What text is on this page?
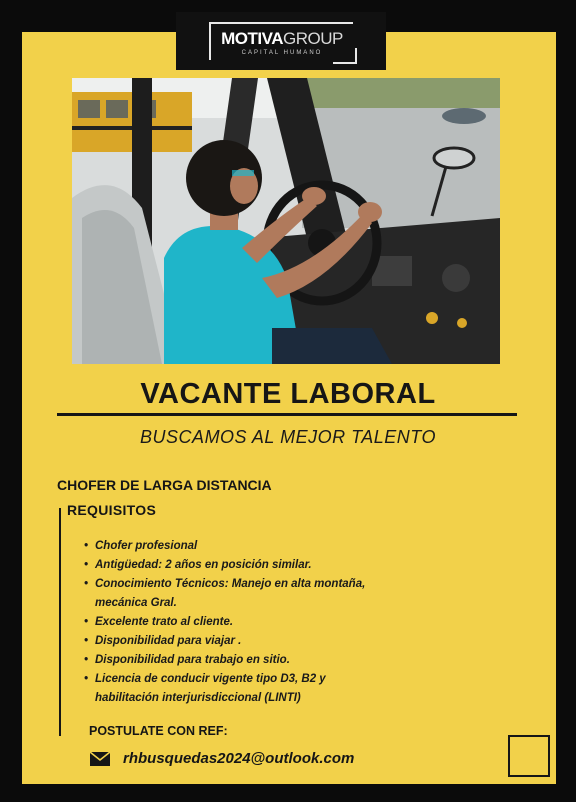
MOTIVAGROUP
CAPITAL HUMANO
VACANTE LABORAL
BUSCAMOS AL MEJOR TALENTO
CHOFER DE LARGA DISTANCIA
REQUISITOS
• Chofer profesional
• Antigüedad: 2 años en posición similar.
• Conocimiento Técnicos: Manejo en alta montaña, mecánica Gral.
• Excelente trato al cliente.
• Disponibilidad para viajar .
• Disponibilidad para trabajo en sitio.
• Licencia de conducir vigente tipo D3, B2 y habilitación interjurisdiccional (LINTI)
POSTULATE CON REF:
rhbusquedas2024@outlook.com
